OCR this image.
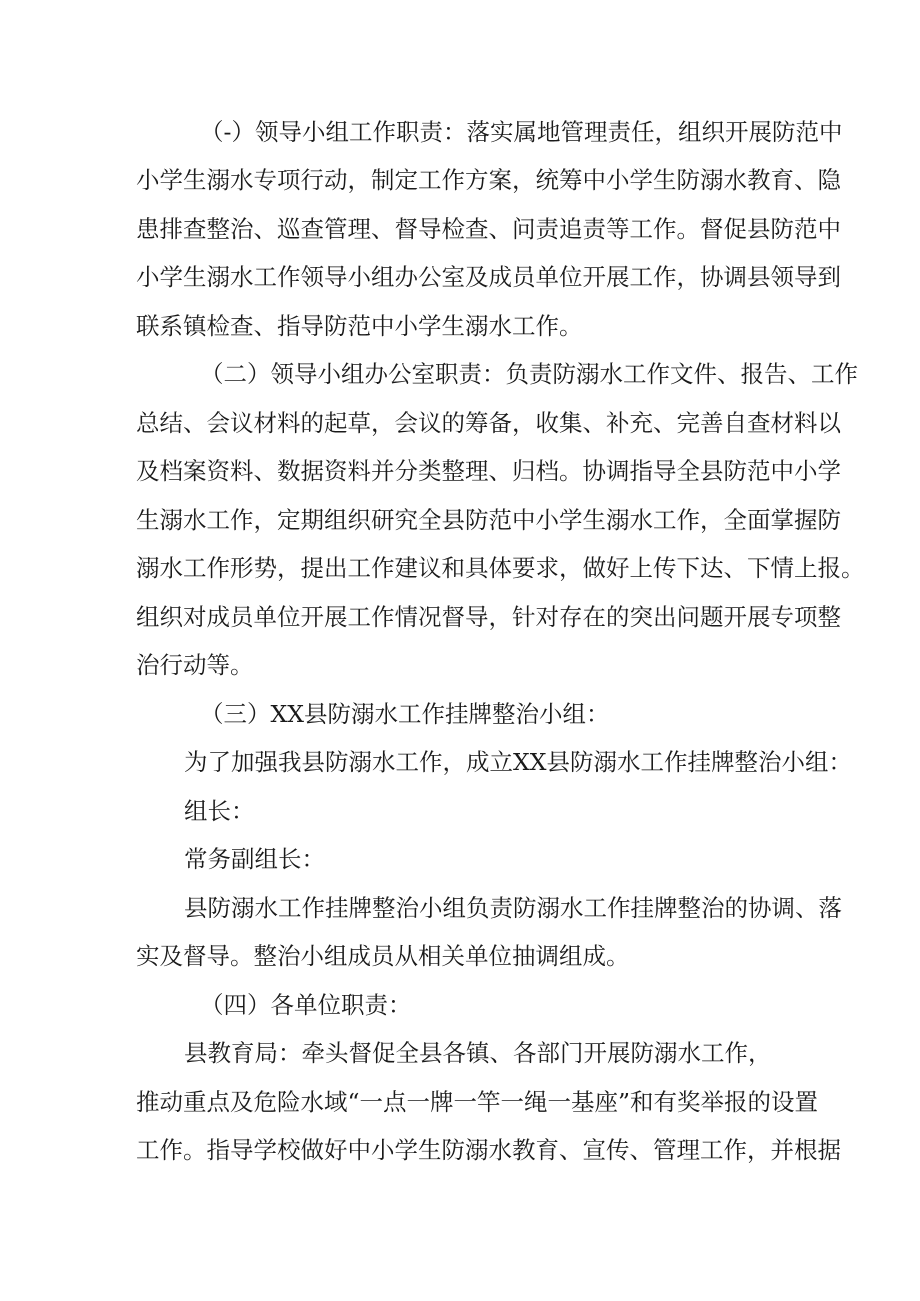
（-）领导小组工作职责：落实属地管理责任，组织开展防范中
小学生溺水专项行动，制定工作方案，统筹中小学生防溺水教育、隐
患排查整治、巡查管理、督导检查、问责追责等工作。督促县防范中
小学生溺水工作领导小组办公室及成员单位开展工作，协调县领导到
联系镇检查、指导防范中小学生溺水工作。
（二）领导小组办公室职责：负责防溺水工作文件、报告、工作
总结、会议材料的起草，会议的筹备，收集、补充、完善自查材料以
及档案资料、数据资料并分类整理、归档。协调指导全县防范中小学
生溺水工作，定期组织研究全县防范中小学生溺水工作，全面掌握防
溺水工作形势，提出工作建议和具体要求，做好上传下达、下情上报。
组织对成员单位开展工作情况督导，针对存在的突出问题开展专项整
治行动等。
（三）XX县防溺水工作挂牌整治小组：
为了加强我县防溺水工作，成立XX县防溺水工作挂牌整治小组：
组长：
常务副组长：
县防溺水工作挂牌整治小组负责防溺水工作挂牌整治的协调、落
实及督导。整治小组成员从相关单位抽调组成。
（四）各单位职责：
县教育局：牵头督促全县各镇、各部门开展防溺水工作，
推动重点及危险水域“一点一牌一竿一绳一基座”和有奖举报的设置
工作。指导学校做好中小学生防溺水教育、宣传、管理工作，并根据
